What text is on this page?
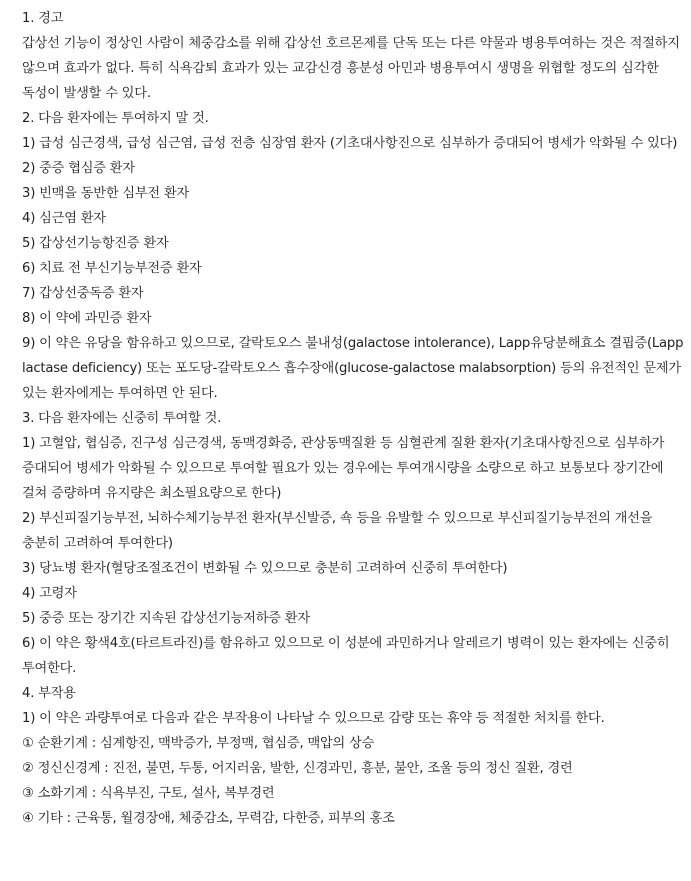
1. 경고

갑상선 기능이 정상인 사람이 체중감소를 위해 갑상선 호르몬제를 단독 또는 다른 약물과 병용투여하는 것은 적절하지 않으며 효과가 없다. 특히 식욕감퇴 효과가 있는 교감신경 흥분성 아민과 병용투여시 생명을 위협할 정도의 심각한 독성이 발생할 수 있다.

2. 다음 환자에는 투여하지 말 것.

1) 급성 심근경색, 급성 심근염, 급성 전층 심장염 환자 (기초대사항진으로 심부하가 증대되어 병세가 악화될 수 있다)

2) 중증 협심증 환자

3) 빈맥을 동반한 심부전 환자

4) 심근염 환자

5) 갑상선기능항진증 환자

6) 치료 전 부신기능부전증 환자

7) 갑상선중독증 환자

8) 이 약에 과민증 환자

9) 이 약은 유당을 함유하고 있으므로, 갈락토오스 불내성(galactose intolerance), Lapp유당분해효소 결핍증(Lapp lactase deficiency) 또는 포도당-갈락토오스 흡수장애(glucose-galactose malabsorption) 등의 유전적인 문제가 있는 환자에게는 투여하면 안 된다.

3. 다음 환자에는 신중히 투여할 것.

1) 고혈압, 협심증, 진구성 심근경색, 동맥경화증, 관상동맥질환 등 심혈관계 질환 환자(기초대사항진으로 심부하가 증대되어 병세가 악화될 수 있으므로 투여할 필요가 있는 경우에는 투여개시량을 소량으로 하고 보통보다 장기간에 걸쳐 증량하며 유지량은 최소필요량으로 한다)

2) 부신피질기능부전, 뇌하수체기능부전 환자(부신발증, 쇽 등을 유발할 수 있으므로 부신피질기능부전의 개선을 충분히 고려하여 투여한다)

3) 당뇨병 환자(혈당조절조건이 변화될 수 있으므로 충분히 고려하여 신중히 투여한다)

4) 고령자

5) 중증 또는 장기간 지속된 갑상선기능저하증 환자

6) 이 약은 황색4호(타르트라진)를 함유하고 있으므로 이 성분에 과민하거나 알레르기 병력이 있는 환자에는 신중히 투여한다.

4. 부작용

1) 이 약은 과량투여로 다음과 같은 부작용이 나타날 수 있으므로 감량 또는 휴약 등 적절한 처치를 한다.

① 순환기계 : 심계항진, 맥박증가, 부정맥, 협심증, 맥압의 상승

② 정신신경계 : 진전, 불면, 두통, 어지러움, 발한, 신경과민, 흥분, 불안, 조울 등의 정신 질환, 경련

③ 소화기계 : 식욕부진, 구토, 설사, 복부경련

④ 기타 : 근육통, 월경장애, 체중감소, 무력감, 다한증, 피부의 홍조
